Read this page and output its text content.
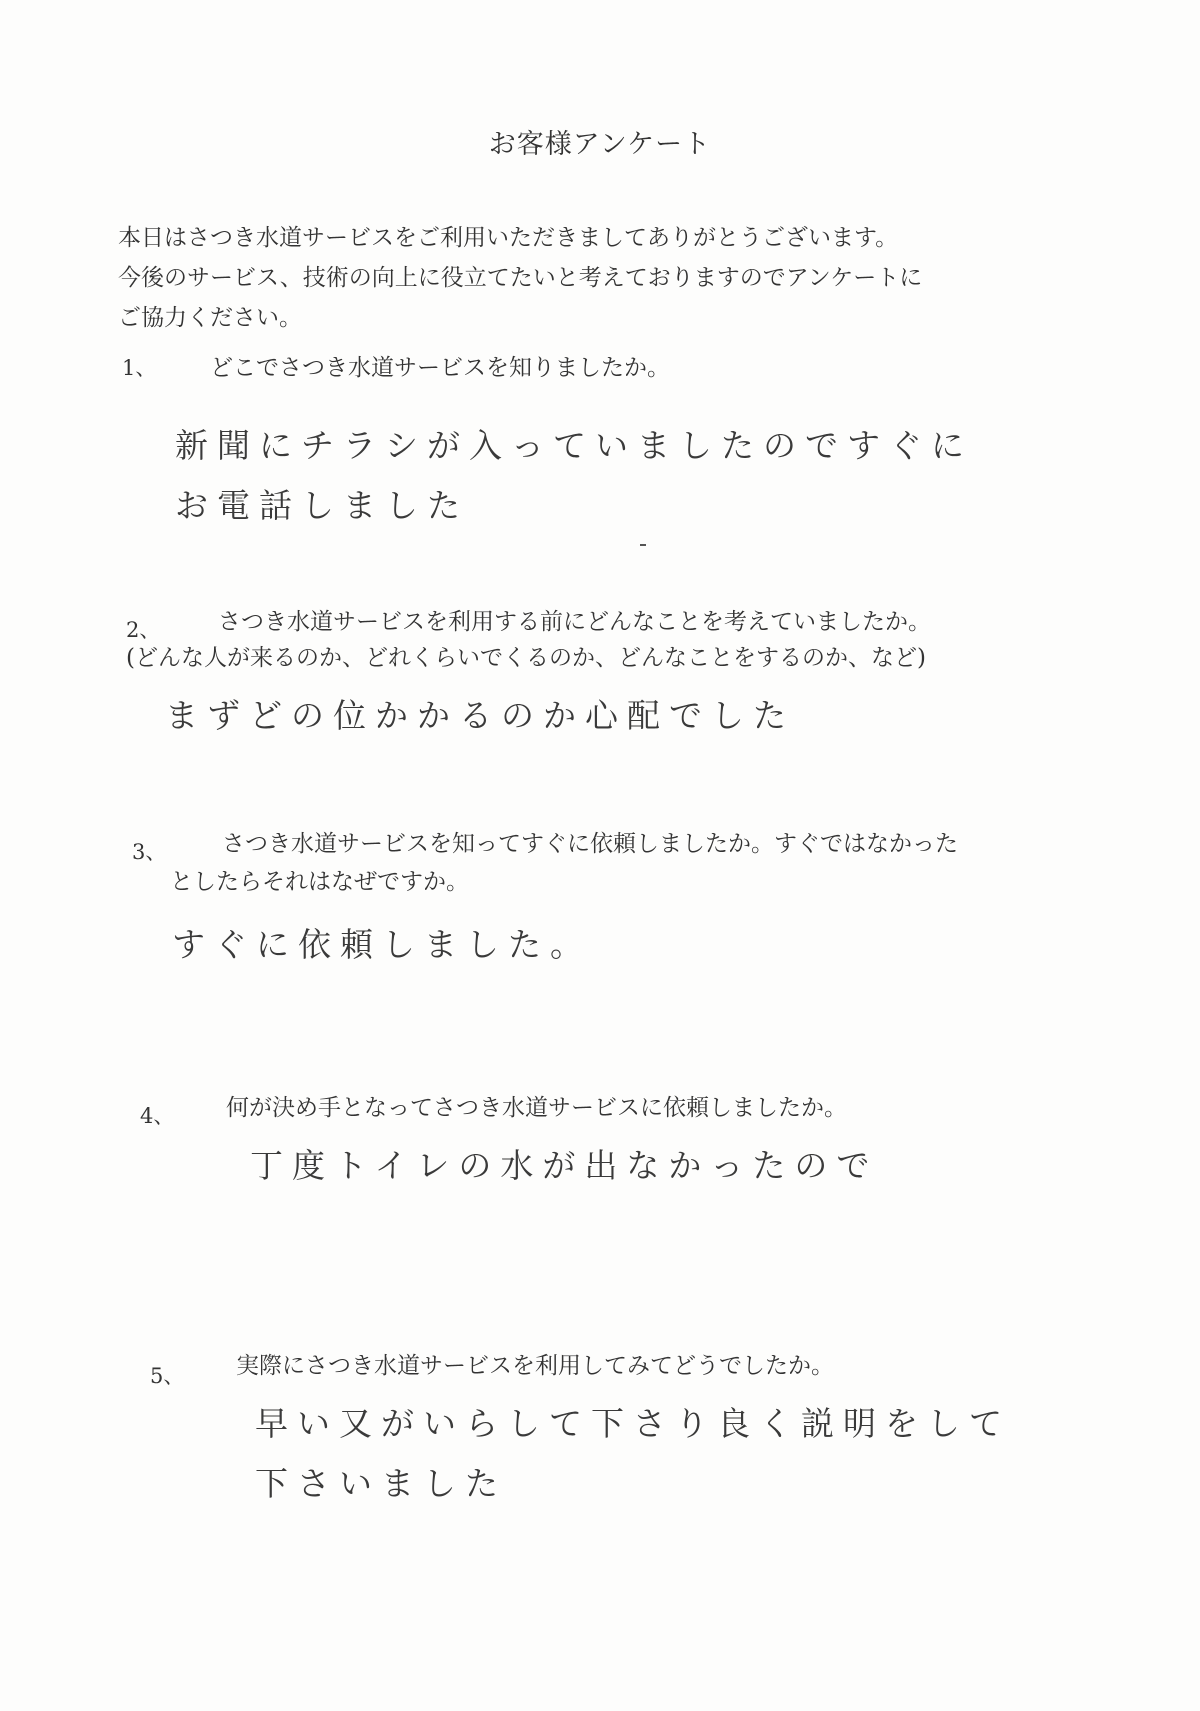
お客様アンケート
本日はさつき水道サービスをご利用いただきましてありがとうございます。
今後のサービス、技術の向上に役立てたいと考えておりますのでアンケートに
ご協力ください。
1、 どこでさつき水道サービスを知りましたか。
新聞にチラシが入っていましたのですぐに
お電話しました
2、	さつき水道サービスを利用する前にどんなことを考えていましたか。
(どんな人が来るのか、どれくらいでくるのか、どんなことをするのか、など)
まずどの位かかるのか心配でした
3、 さつき水道サービスを知ってすぐに依頼しましたか。すぐではなかった
としたらそれはなぜですか。
すぐに依頼しました。
4、 何が決め手となってさつき水道サービスに依頼しましたか。
丁度トイレの水が出なかったので
5、 実際にさつき水道サービスを利用してみてどうでしたか。
早い又がいらして下さり良く説明をして
下さいました
